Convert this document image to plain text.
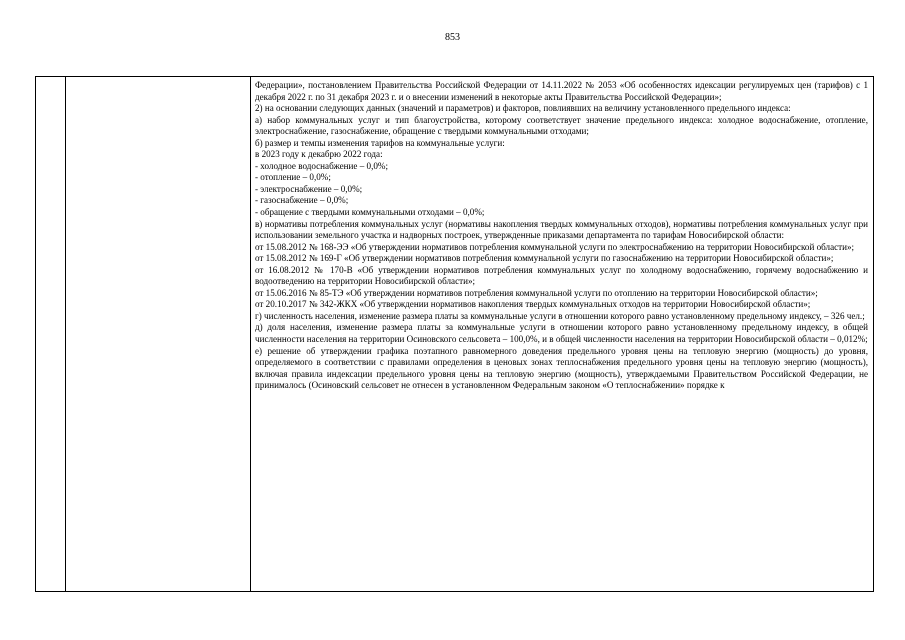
853

Федерации», постановлением Правительства Российской Федерации от 14.11.2022 № 2053 «Об особенностях идексации регулируемых цен (тарифов) с 1 декабря 2022 г. по 31 декабря 2023 г. и о внесении изменений в некоторые акты Правительства Российской Федерации»;

2) на основании следующих данных (значений и параметров) и факторов, повлиявших на величину установленного предельного индекса:

а) набор коммунальных услуг и тип благоустройства, которому соответствует значение предельного индекса: холодное водоснабжение, отопление, электроснабжение, газоснабжение, обращение с твердыми коммунальными отходами;

б) размер и темпы изменения тарифов на коммунальные услуги:

в 2023 году к декабрю 2022 года:

- холодное водоснабжение – 0,0%;

- отопление – 0,0%;

- электроснабжение – 0,0%;

- газоснабжение – 0,0%;

- обращение с твердыми коммунальными отходами – 0,0%;

в) нормативы потребления коммунальных услуг (нормативы накопления твердых коммунальных отходов), нормативы потребления коммунальных услуг при использовании земельного участка и надворных построек, утвержденные приказами департамента по тарифам Новосибирской области:

от 15.08.2012 № 168-ЭЭ «Об утверждении нормативов потребления коммунальной услуги по электроснабжению на территории Новосибирской области»;

от 15.08.2012 № 169-Г «Об утверждении нормативов потребления коммунальной услуги по газоснабжению на территории Новосибирской области»;

от 16.08.2012 № 170-В «Об утверждении нормативов потребления коммунальных услуг по холодному водоснабжению, горячему водоснабжению и водоотведению на территории Новосибирской области»;

от 15.06.2016 № 85-ТЭ «Об утверждении нормативов потребления коммунальной услуги по отоплению на территории Новосибирской области»;

от 20.10.2017 № 342-ЖКХ «Об утверждении нормативов накопления твердых коммунальных отходов на территории Новосибирской области»;

г) численность населения, изменение размера платы за коммунальные услуги в отношении которого равно установленному предельному индексу, – 326 чел.;

д) доля населения, изменение размера платы за коммунальные услуги в отношении которого равно установленному предельному индексу, в общей численности населения на территории Осиновского сельсовета – 100,0%, и в общей численности населения на территории Новосибирской области – 0,012%;

е) решение об утверждении графика поэтапного равномерного доведения предельного уровня цены на тепловую энергию (мощность) до уровня, определяемого в соответствии с правилами определения в ценовых зонах теплоснабжения предельного уровня цены на тепловую энергию (мощность), включая правила индексации предельного уровня цены на тепловую энергию (мощность), утверждаемыми Правительством Российской Федерации, не принималось (Осиновский сельсовет не отнесен в установленном Федеральным законом «О теплоснабжении» порядке к
